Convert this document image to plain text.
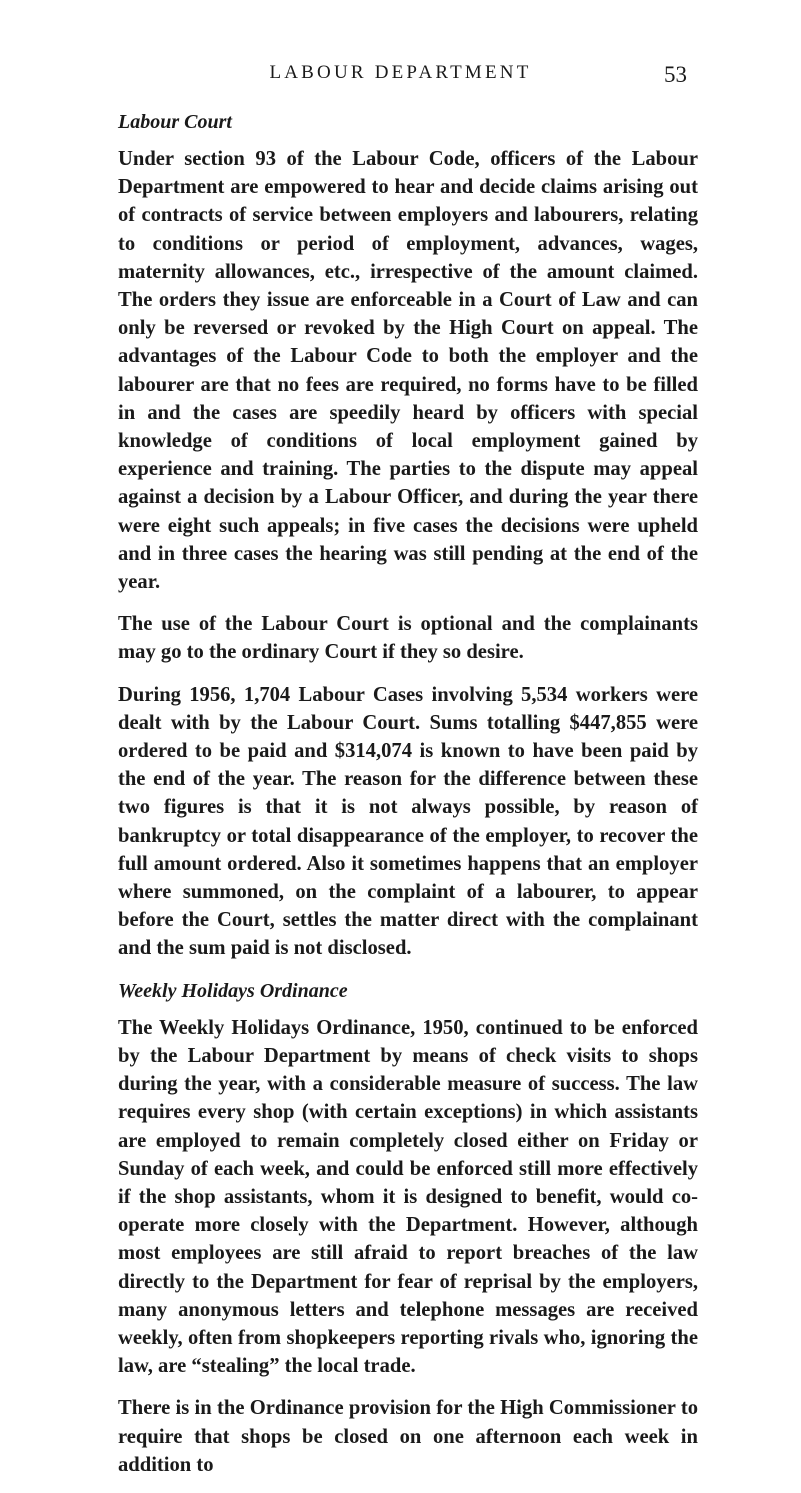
LABOUR DEPARTMENT	53
Labour Court

Under section 93 of the Labour Code, officers of the Labour Department are empowered to hear and decide claims arising out of contracts of service between employers and labourers, relating to conditions or period of employment, advances, wages, maternity allowances, etc., irrespective of the amount claimed. The orders they issue are enforceable in a Court of Law and can only be reversed or revoked by the High Court on appeal. The advantages of the Labour Code to both the employer and the labourer are that no fees are required, no forms have to be filled in and the cases are speedily heard by officers with special knowledge of conditions of local employment gained by experience and training. The parties to the dispute may appeal against a decision by a Labour Officer, and during the year there were eight such appeals; in five cases the decisions were upheld and in three cases the hearing was still pending at the end of the year.

The use of the Labour Court is optional and the complainants may go to the ordinary Court if they so desire.

During 1956, 1,704 Labour Cases involving 5,534 workers were dealt with by the Labour Court. Sums totalling $447,855 were ordered to be paid and $314,074 is known to have been paid by the end of the year. The reason for the difference between these two figures is that it is not always possible, by reason of bankruptcy or total disappearance of the employer, to recover the full amount ordered. Also it sometimes happens that an employer where summoned, on the complaint of a labourer, to appear before the Court, settles the matter direct with the complainant and the sum paid is not disclosed.

Weekly Holidays Ordinance

The Weekly Holidays Ordinance, 1950, continued to be enforced by the Labour Department by means of check visits to shops during the year, with a considerable measure of success. The law requires every shop (with certain exceptions) in which assistants are employed to remain completely closed either on Friday or Sunday of each week, and could be enforced still more effectively if the shop assistants, whom it is designed to benefit, would co-operate more closely with the Department. However, although most employees are still afraid to report breaches of the law directly to the Department for fear of reprisal by the employers, many anonymous letters and telephone messages are received weekly, often from shopkeepers reporting rivals who, ignoring the law, are “stealing” the local trade.

There is in the Ordinance provision for the High Commissioner to require that shops be closed on one afternoon each week in addition to
